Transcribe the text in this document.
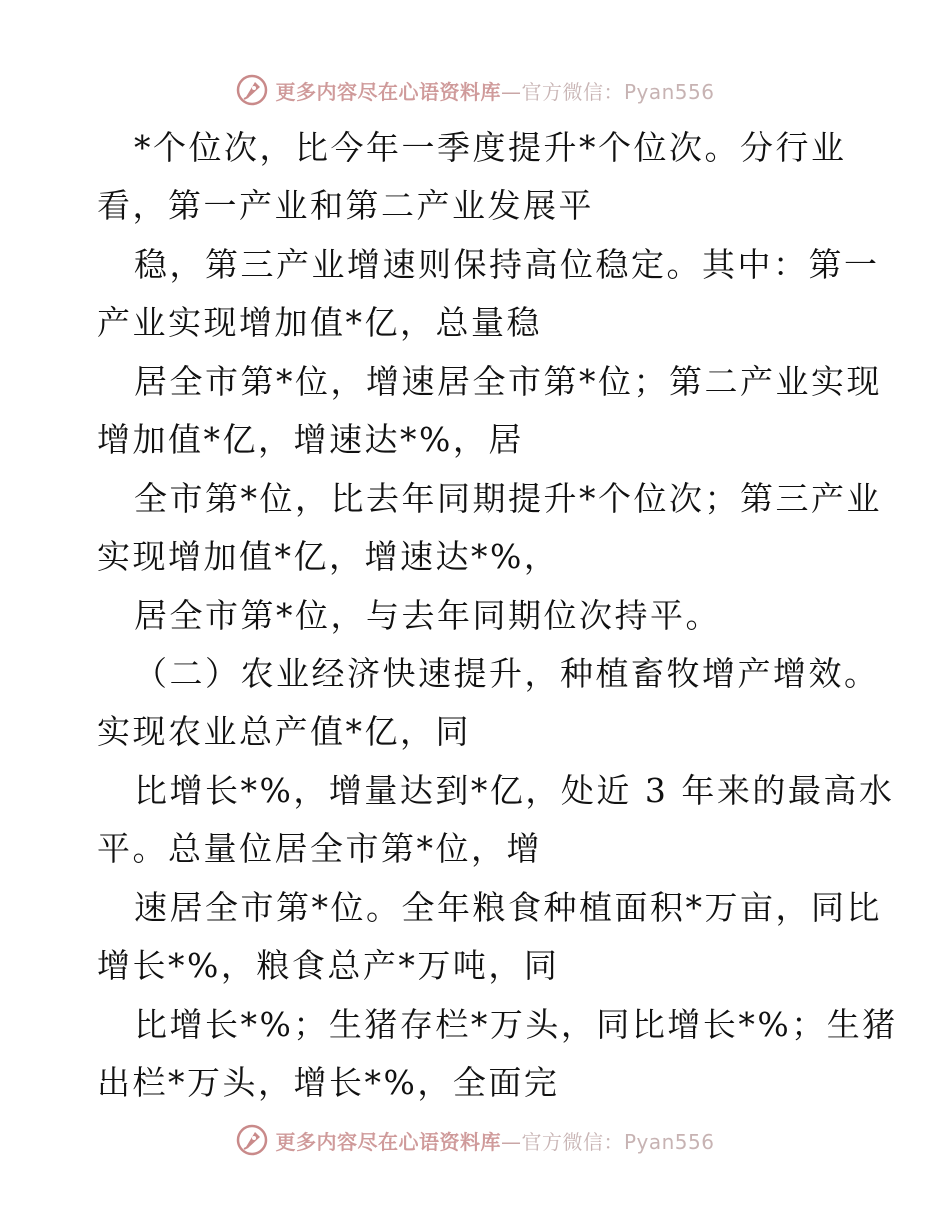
更多内容尽在心语资料库—官方微信：Pyan556
*个位次，比今年一季度提升*个位次。分行业
看，第一产业和第二产业发展平
稳，第三产业增速则保持高位稳定。其中：第一
产业实现增加值*亿，总量稳
居全市第*位，增速居全市第*位；第二产业实现
增加值*亿，增速达*%，居
全市第*位，比去年同期提升*个位次；第三产业
实现增加值*亿，增速达*%，
居全市第*位，与去年同期位次持平。
（二）农业经济快速提升，种植畜牧增产增效。
实现农业总产值*亿，同
比增长*%，增量达到*亿，处近 3 年来的最高水
平。总量位居全市第*位，增
速居全市第*位。全年粮食种植面积*万亩，同比
增长*%，粮食总产*万吨，同
比增长*%；生猪存栏*万头，同比增长*%；生猪
出栏*万头，增长*%，全面完
更多内容尽在心语资料库—官方微信：Pyan556
